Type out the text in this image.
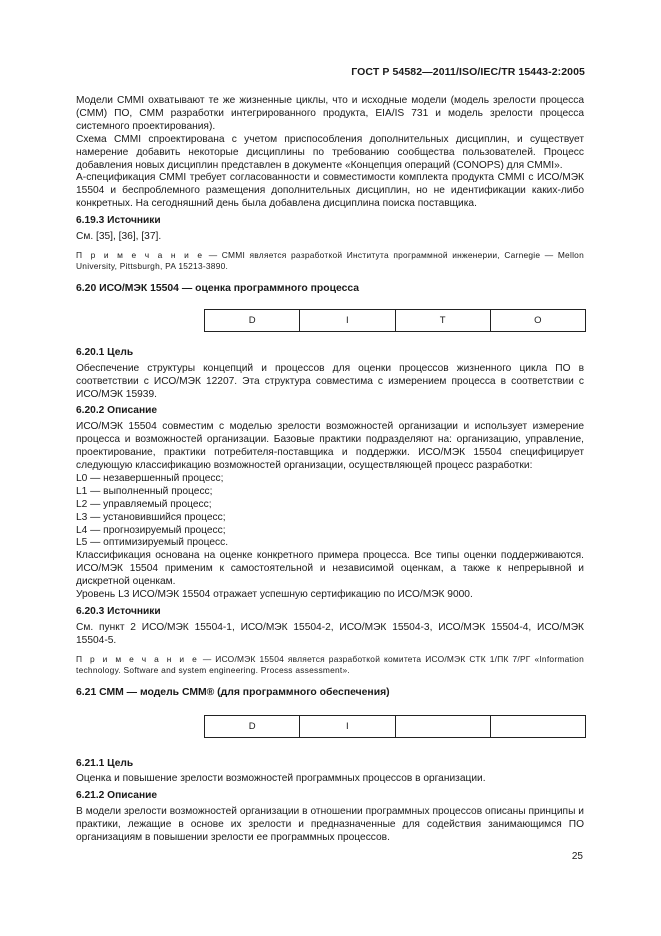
ГОСТ Р 54582—2011/ISO/IEC/TR 15443-2:2005

Модели CMMI охватывают те же жизненные циклы, что и исходные модели (модель зрелости процесса (CMM) ПО, CMM разработки интегрированного продукта, EIA/IS 731 и модель зрелости процесса системного проектирования).

Схема CMMI спроектирована с учетом приспособления дополнительных дисциплин, и существует намерение добавить некоторые дисциплины по требованию сообщества пользователей. Процесс добавления новых дисциплин представлен в документе «Концепция операций (CONOPS) для CMMI».

А-спецификация CMMI требует согласованности и совместимости комплекта продукта CMMI с ИСО/МЭК 15504 и беспроблемного размещения дополнительных дисциплин, но не идентификации каких-либо конкретных. На сегодняшний день была добавлена дисциплина поиска поставщика.

6.19.3 Источники

См. [35], [36], [37].

П р и м е ч а н и е — CMMI является разработкой Института программной инженерии, Carnegie — Mellon University, Pittsburgh, PA 15213-3890.

6.20 ИСО/МЭК 15504 — оценка программного процесса

D	I	T	O

6.20.1 Цель

Обеспечение структуры концепций и процессов для оценки процессов жизненного цикла ПО в соответствии с ИСО/МЭК 12207. Эта структура совместима с измерением процесса в соответствии с ИСО/МЭК 15939.

6.20.2 Описание

ИСО/МЭК 15504 совместим с моделью зрелости возможностей организации и использует измерение процесса и возможностей организации. Базовые практики подразделяют на: организацию, управление, проектирование, практики потребителя-поставщика и поддержки. ИСО/МЭК 15504 специфицирует следующую классификацию возможностей организации, осуществляющей процесс разработки:

L0 — незавершенный процесс;

L1 — выполненный процесс;

L2 — управляемый процесс;

L3 — установившийся процесс;

L4 — прогнозируемый процесс;

L5 — оптимизируемый процесс.

Классификация основана на оценке конкретного примера процесса. Все типы оценки поддерживаются. ИСО/МЭК 15504 применим к самостоятельной и независимой оценкам, а также к непрерывной и дискретной оценкам.

Уровень L3 ИСО/МЭК 15504 отражает успешную сертификацию по ИСО/МЭК 9000.

6.20.3 Источники

См. пункт 2 ИСО/МЭК 15504-1, ИСО/МЭК 15504-2, ИСО/МЭК 15504-3, ИСО/МЭК 15504-4, ИСО/МЭК 15504-5.

П р и м е ч а н и е — ИСО/МЭК 15504 является разработкой комитета ИСО/МЭК СТК 1/ПК 7/РГ «Information technology. Software and system engineering. Process assessment».

6.21 СММ — модель СММ® (для программного обеспечения)

D	I

6.21.1 Цель

Оценка и повышение зрелости возможностей программных процессов в организации.

6.21.2 Описание

В модели зрелости возможностей организации в отношении программных процессов описаны принципы и практики, лежащие в основе их зрелости и предназначенные для содействия занимающимся ПО организациям в повышении зрелости ее программных процессов.

25
